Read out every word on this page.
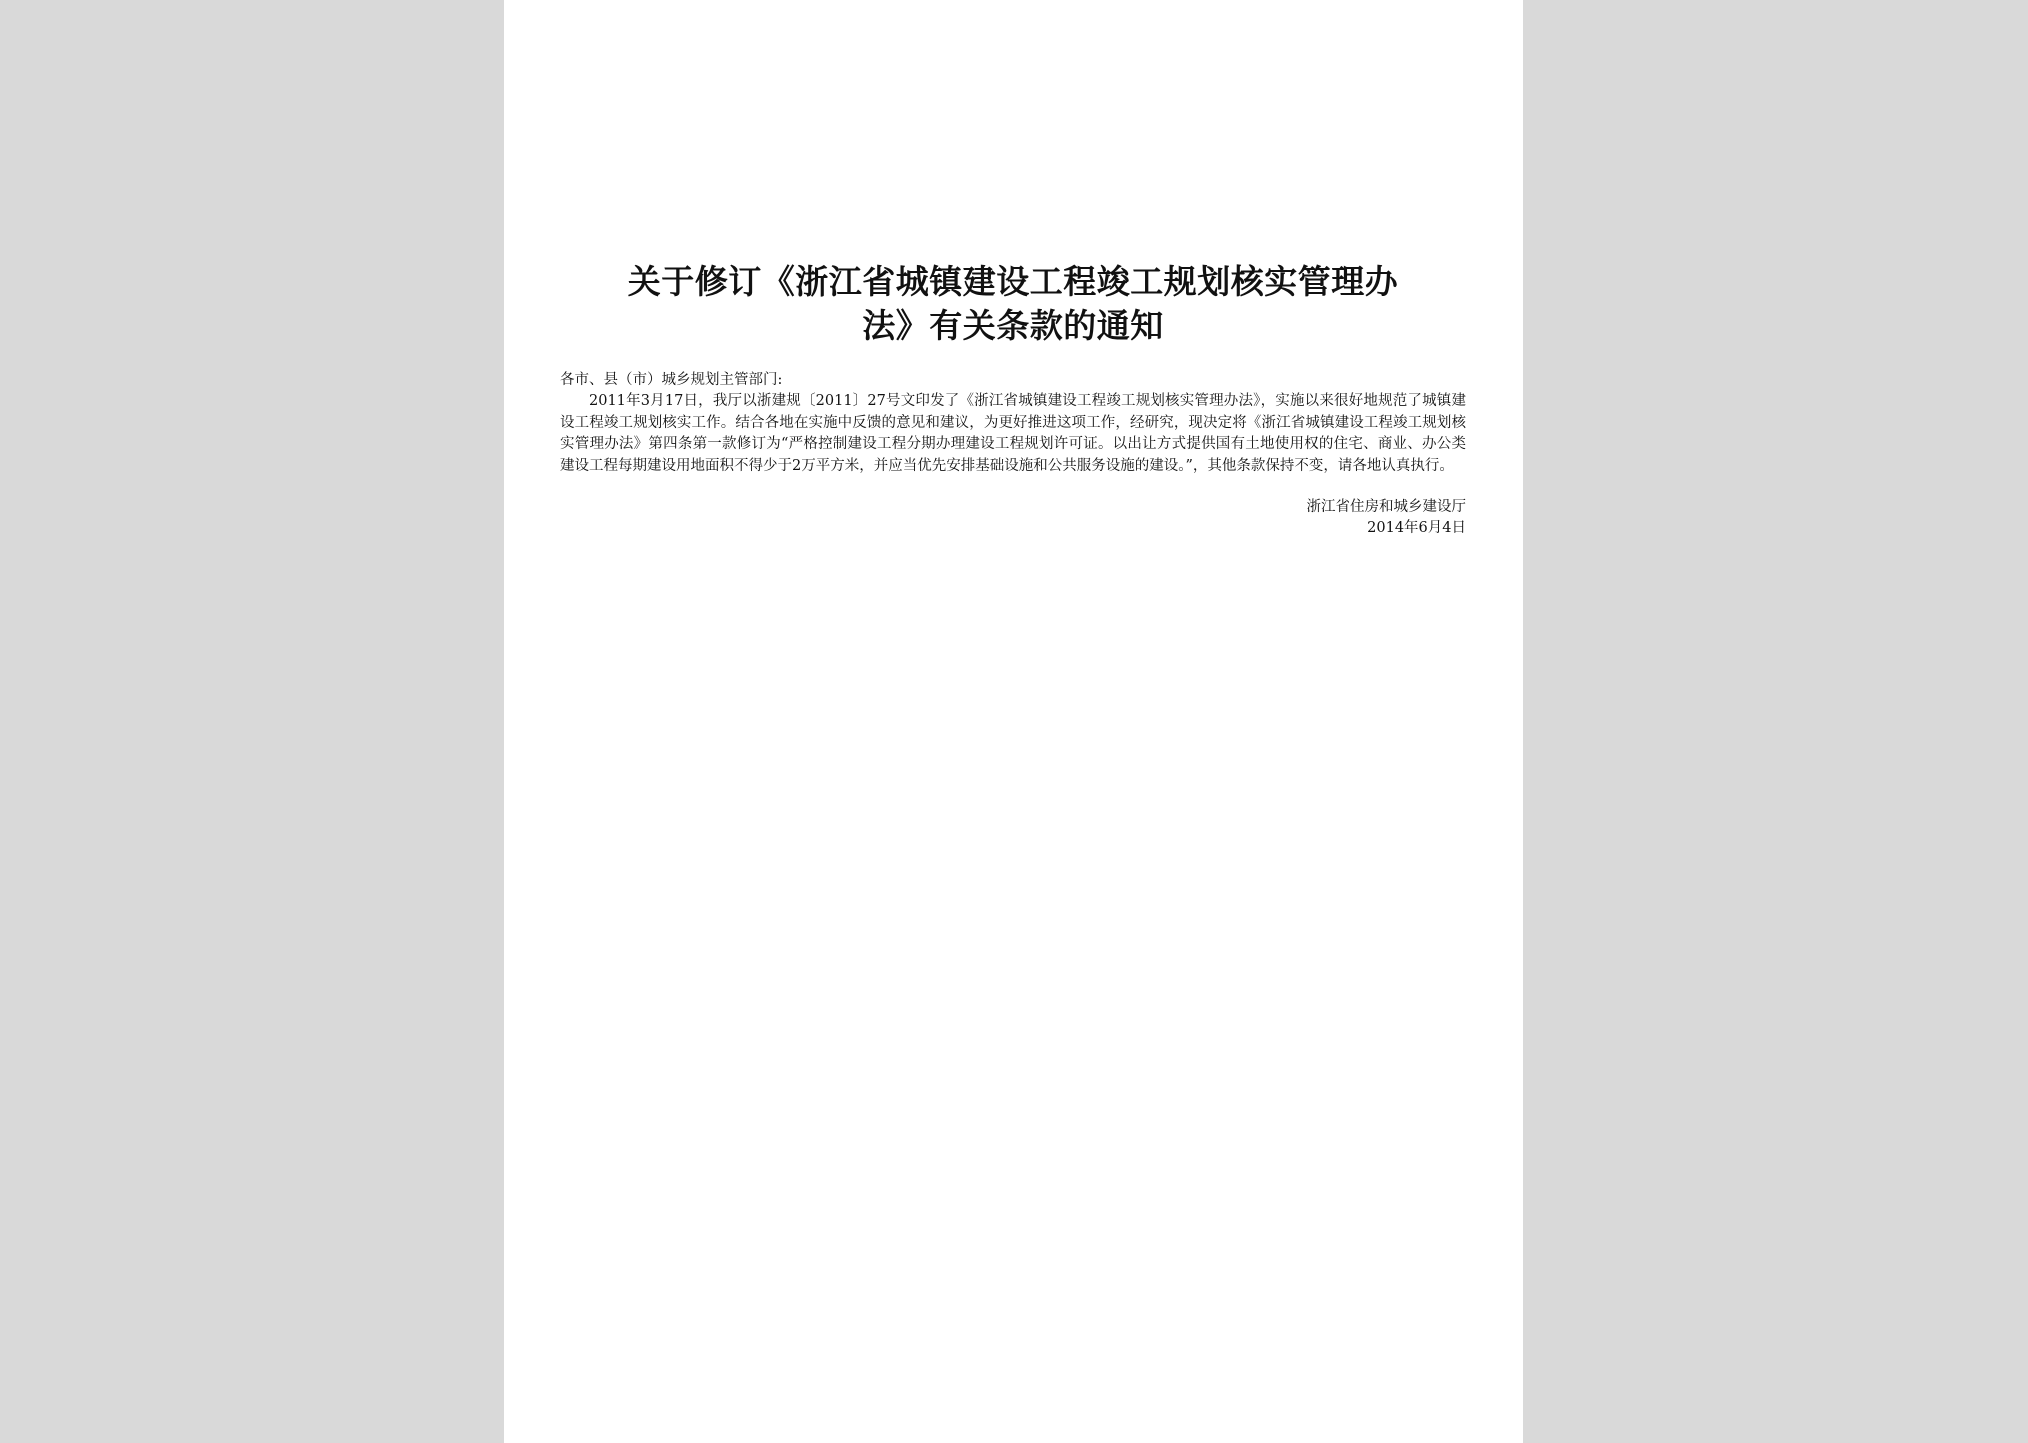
关于修订《浙江省城镇建设工程竣工规划核实管理办
法》有关条款的通知

各市、县（市）城乡规划主管部门:

2011年3月17日，我厅以浙建规〔2011〕27号文印发了《浙江省城镇建设工程竣工规划核实管理办法》，实施以来很好地规范了城镇建设工程竣工规划核实工作。结合各地在实施中反馈的意见和建议，为更好推进这项工作，经研究，现决定将《浙江省城镇建设工程竣工规划核实管理办法》第四条第一款修订为“严格控制建设工程分期办理建设工程规划许可证。以出让方式提供国有土地使用权的住宅、商业、办公类建设工程每期建设用地面积不得少于2万平方米，并应当优先安排基础设施和公共服务设施的建设。”，其他条款保持不变，请各地认真执行。

浙江省住房和城乡建设厅
2014年6月4日
